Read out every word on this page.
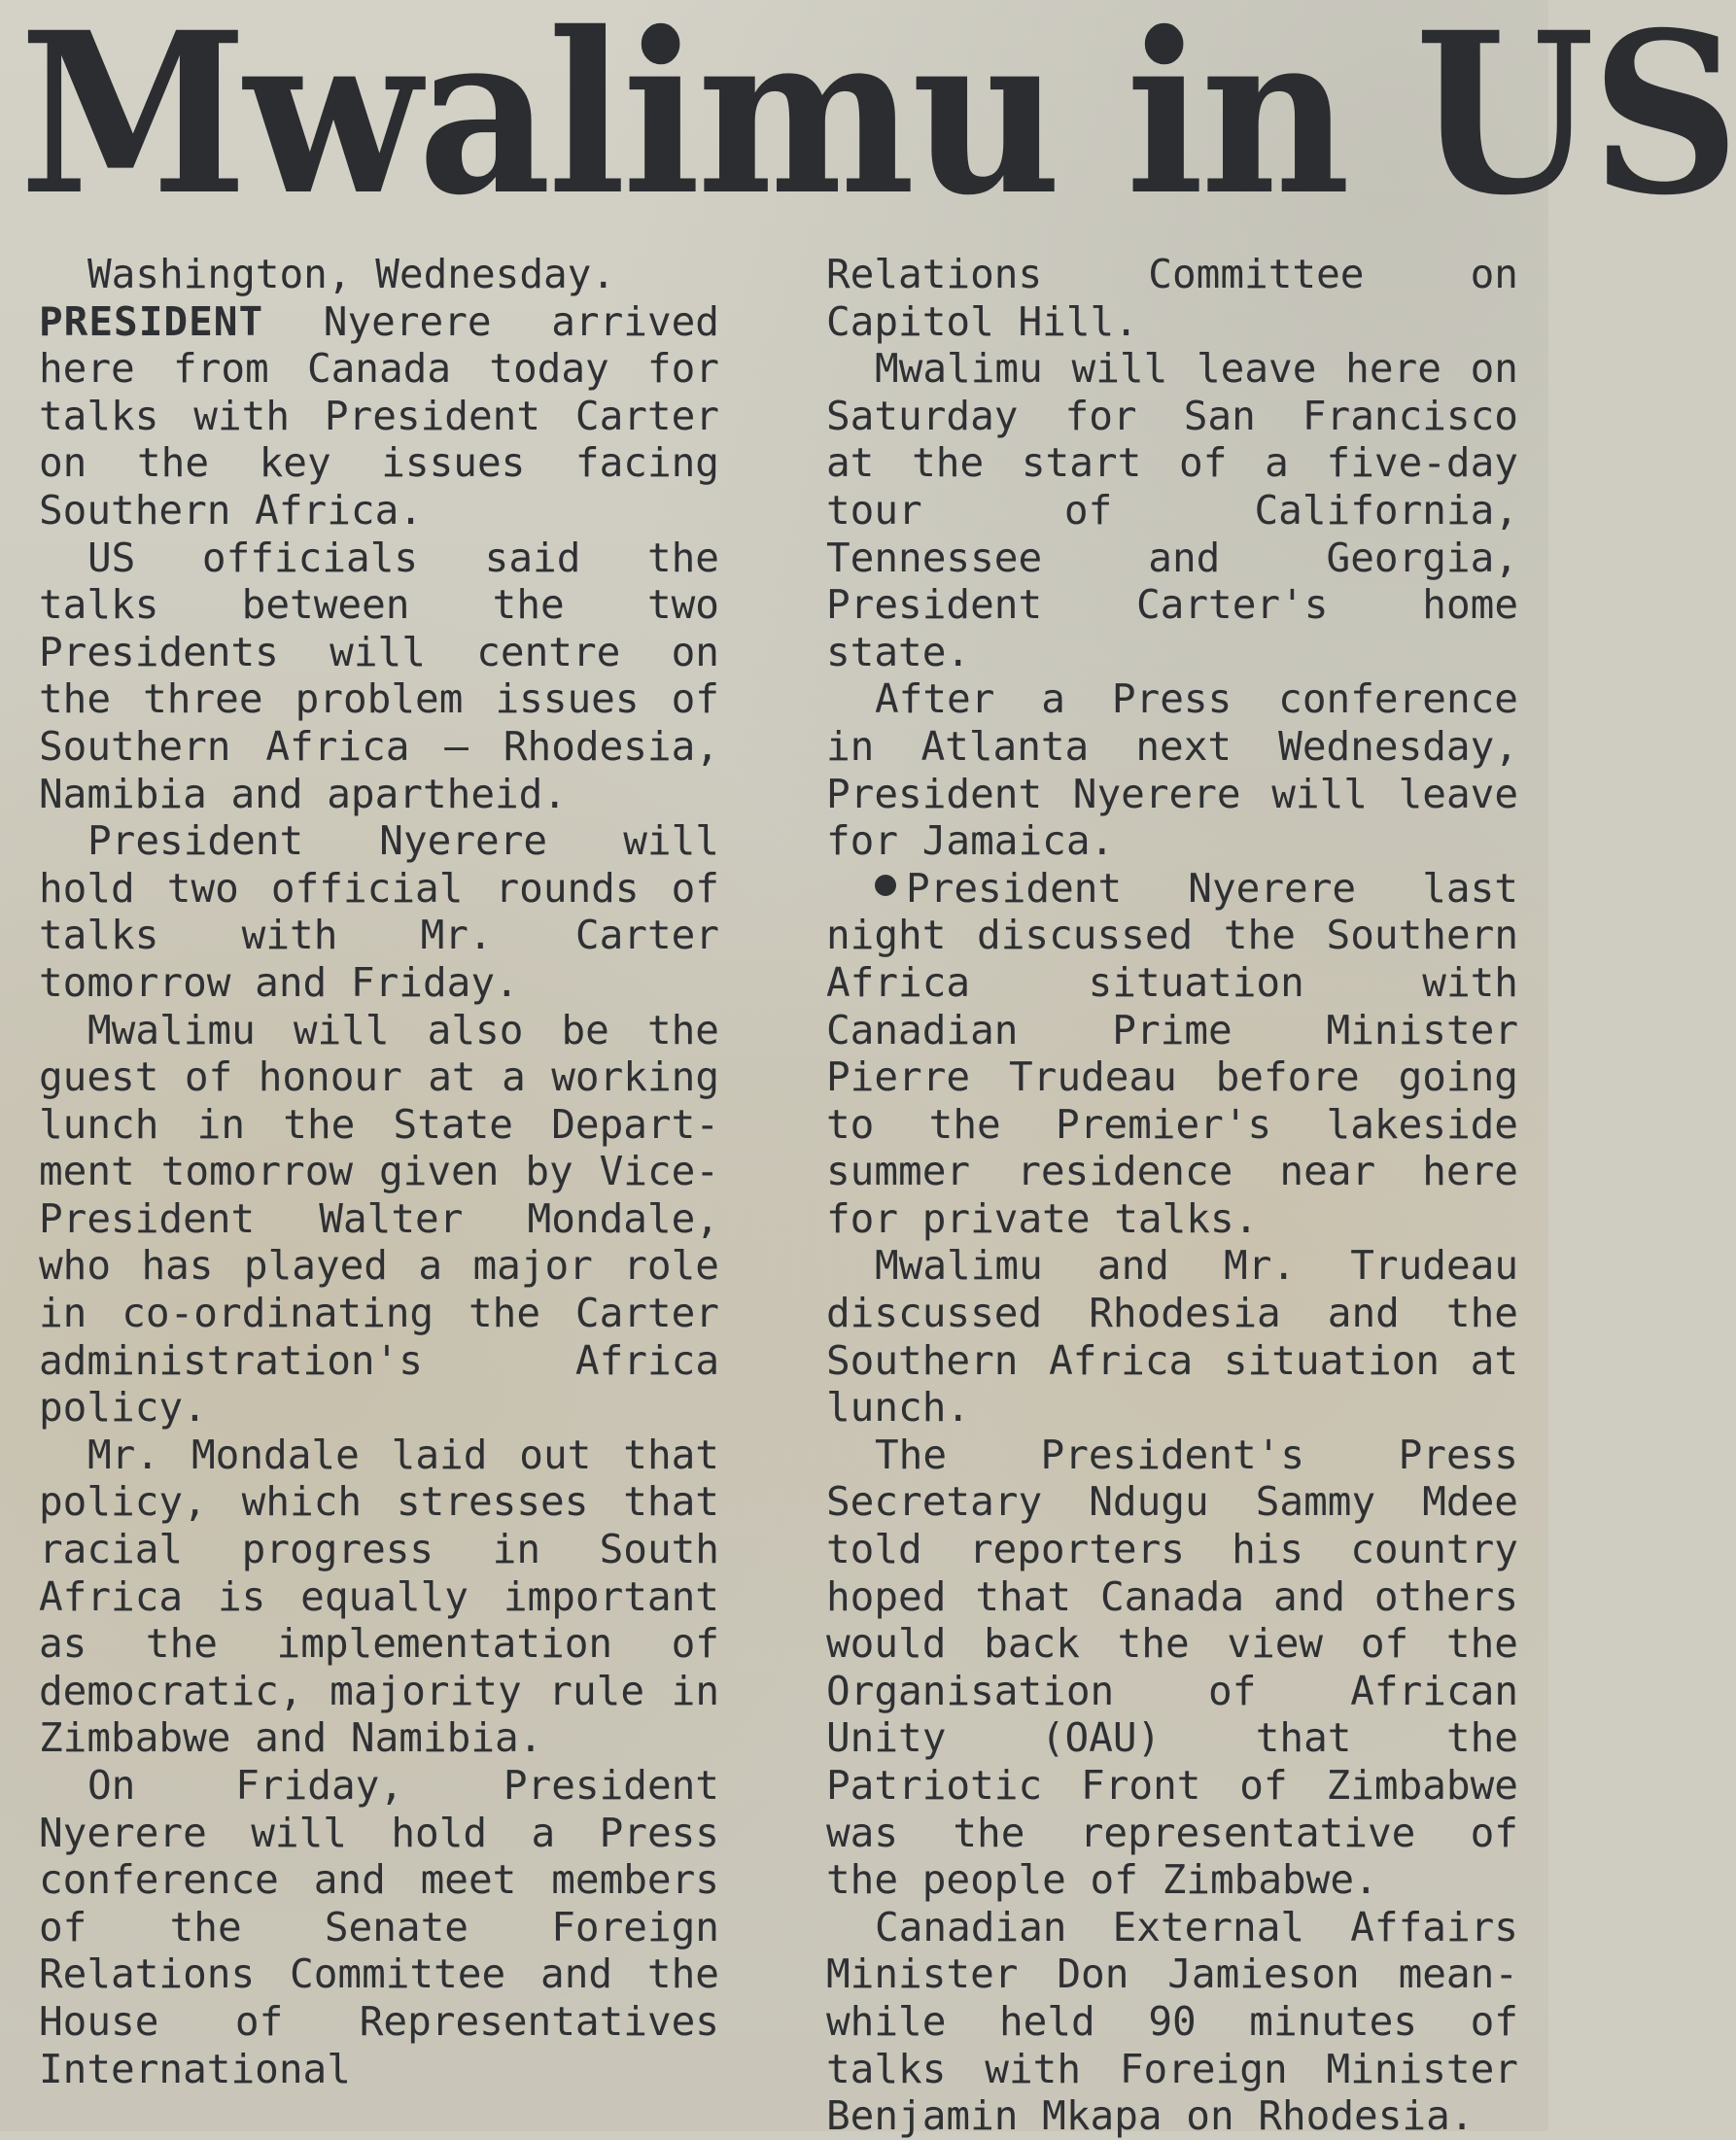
Mwalimu in US

Washington, Wednesday.
PRESIDENT Nyerere arrived here from Canada today for talks with President Carter on the key issues facing Southern Africa.

US officials said the talks between the two Presidents will centre on the three problem issues of Southern Africa — Rhodesia, Namibia and apartheid.

President Nyerere will hold two official rounds of talks with Mr. Carter tomorrow and Friday.

Mwalimu will also be the guest of honour at a working lunch in the State Department tomorrow given by Vice-President Walter Mondale, who has played a major role in co-ordinating the Carter administration's Africa policy.

Mr. Mondale laid out that policy, which stresses that racial progress in South Africa is equally important as the implementation of democratic, majority rule in Zimbabwe and Namibia.

On Friday, President Nyerere will hold a Press conference and meet members of the Senate Foreign Relations Committee and the House of Representatives International

Relations Committee on Capitol Hill.

Mwalimu will leave here on Saturday for San Francisco at the start of a five-day tour of California, Tennessee and Georgia, President Carter's home state.

After a Press conference in Atlanta next Wednesday, President Nyerere will leave for Jamaica.

President Nyerere last night discussed the Southern Africa situation with Canadian Prime Minister Pierre Trudeau before going to the Premier's lakeside summer residence near here for private talks.

Mwalimu and Mr. Trudeau discussed Rhodesia and the Southern Africa situation at lunch.

The President's Press Secretary Ndugu Sammy Mdee told reporters his country hoped that Canada and others would back the view of the Organisation of African Unity (OAU) that the Patriotic Front of Zimbabwe was the representative of the people of Zimbabwe.

Canadian External Affairs Minister Don Jamieson meanwhile held 90 minutes of talks with Foreign Minister Benjamin Mkapa on Rhodesia.
